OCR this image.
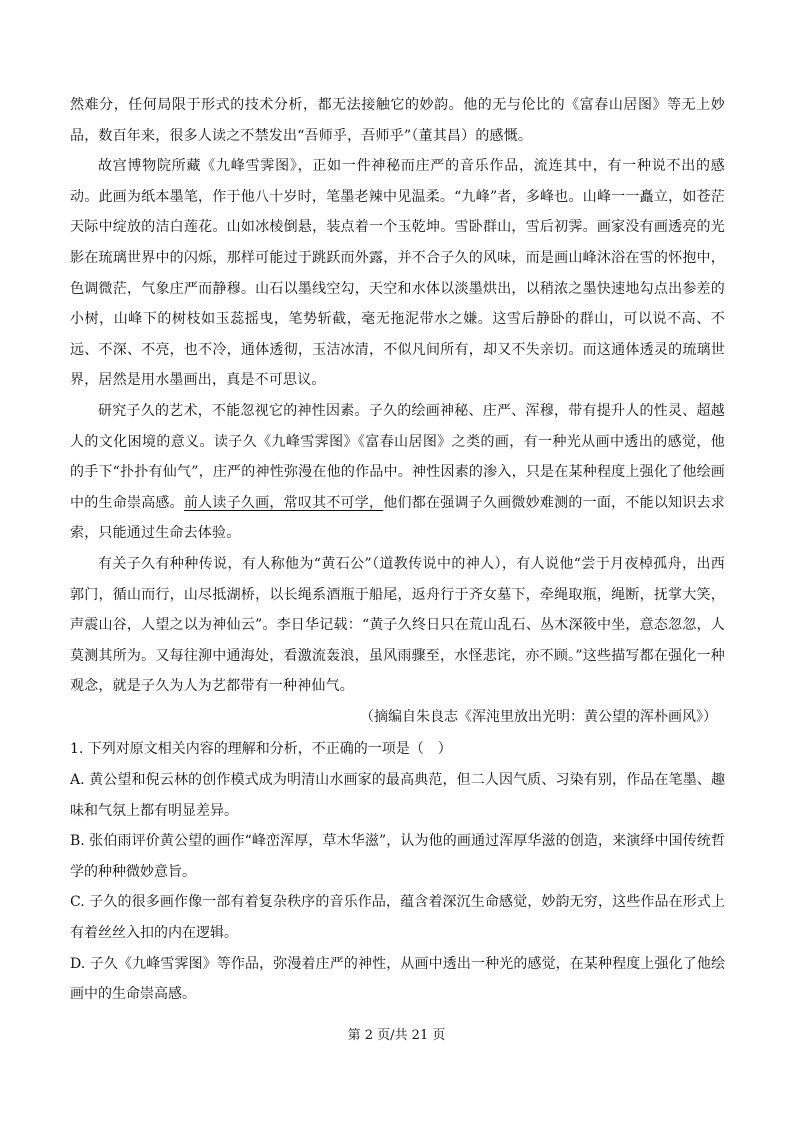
然难分，任何局限于形式的技术分析，都无法接触它的妙韵。他的无与伦比的《富春山居图》等无上妙品，数百年来，很多人读之不禁发出“吾师乎，吾师乎”（董其昌）的感慨。

故宫博物院所藏《九峰雪霁图》，正如一件神秘而庄严的音乐作品，流连其中，有一种说不出的感动。此画为纸本墨笔，作于他八十岁时，笔墨老辣中见温柔。“九峰”者，多峰也。山峰一一矗立，如苍茫天际中绽放的洁白莲花。山如冰棱倒悬，装点着一个玉乾坤。雪卧群山，雪后初霁。画家没有画透亮的光影在琉璃世界中的闪烁，那样可能过于跳跃而外露，并不合子久的风味，而是画山峰沐浴在雪的怀抱中，色调微茫，气象庄严而静穆。山石以墨线空勾，天空和水体以淡墨烘出，以稍浓之墨快速地勾点出参差的小树，山峰下的树枝如玉蕊摇曳，笔势斩截，毫无拖泥带水之嫌。这雪后静卧的群山，可以说不高、不远、不深、不亮，也不冷，通体透彻，玉洁冰清，不似凡间所有，却又不失亲切。而这通体透灵的琉璃世界，居然是用水墨画出，真是不可思议。

研究子久的艺术，不能忽视它的神性因素。子久的绘画神秘、庄严、浑穆，带有提升人的性灵、超越人的文化困境的意义。读子久《九峰雪霁图》《富春山居图》之类的画，有一种光从画中透出的感觉，他的手下“扑扑有仙气”，庄严的神性弥漫在他的作品中。神性因素的渗入，只是在某种程度上强化了他绘画中的生命崇高感。前人读子久画，常叹其不可学，他们都在强调子久画微妙难测的一面，不能以知识去求索，只能通过生命去体验。

有关子久有种种传说，有人称他为“黄石公”（道教传说中的神人），有人说他“尝于月夜棹孤舟，出西郭门，循山而行，山尽抵湖桥，以长绳系酒瓶于船尾，返舟行于齐女墓下，牵绳取瓶，绳断，抚掌大笑，声震山谷，人望之以为神仙云”。李日华记载：“黄子久终日只在荒山乱石、丛木深筱中坐，意态忽忽，人莫测其所为。又每往泖中通海处，看激流轰浪，虽风雨骤至，水怪悲诧，亦不顾。”这些描写都在强化一种观念，就是子久为人为艺都带有一种神仙气。

（摘编自朱良志《浑沌里放出光明：黄公望的浑朴画风》）

1. 下列对原文相关内容的理解和分析，不正确的一项是（　）

A. 黄公望和倪云林的创作模式成为明清山水画家的最高典范，但二人因气质、习染有别，作品在笔墨、趣味和气氛上都有明显差异。

B. 张伯雨评价黄公望的画作“峰峦浑厚，草木华滋”，认为他的画通过浑厚华滋的创造，来演绎中国传统哲学的种种微妙意旨。

C. 子久的很多画作像一部有着复杂秩序的音乐作品，蕴含着深沉生命感觉，妙韵无穷，这些作品在形式上有着丝丝入扣的内在逻辑。

D. 子久《九峰雪霁图》等作品，弥漫着庄严的神性，从画中透出一种光的感觉，在某种程度上强化了他绘画中的生命崇高感。

第 2 页/共 21 页
